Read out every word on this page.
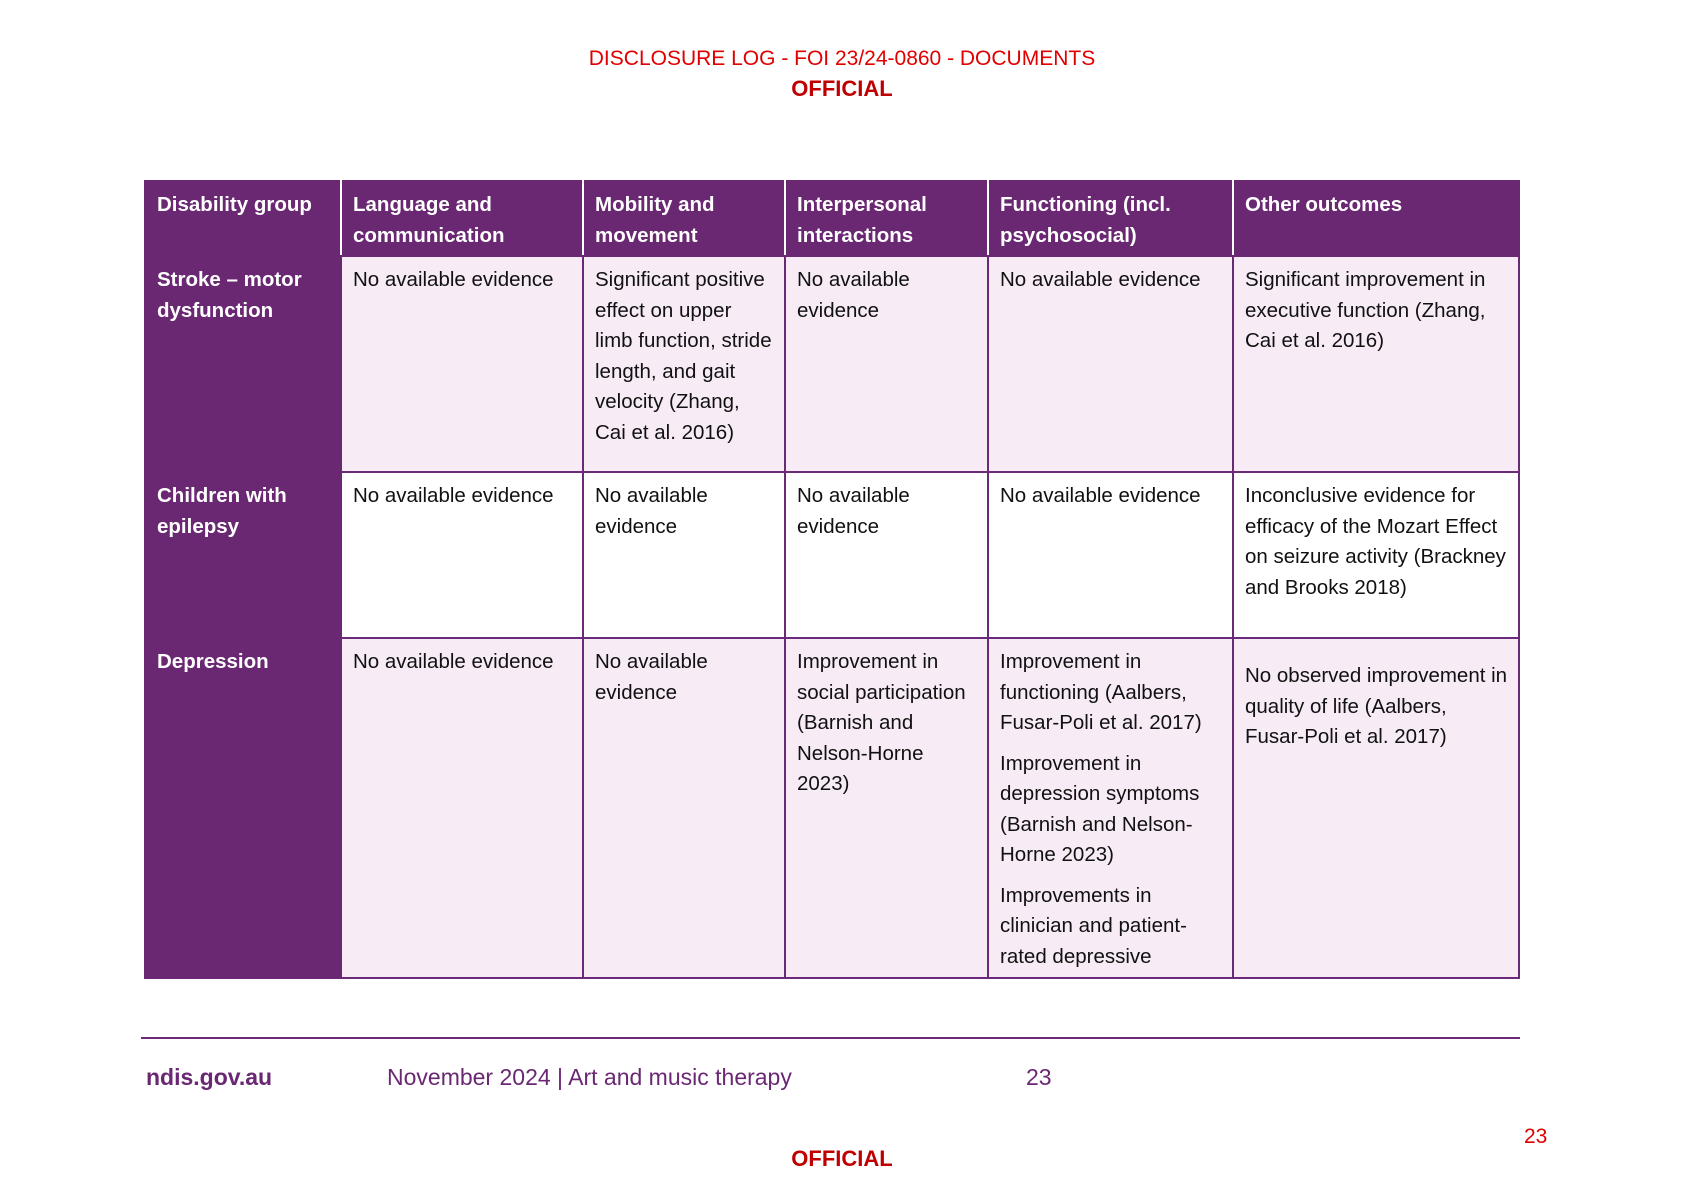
DISCLOSURE LOG - FOI 23/24-0860 - DOCUMENTS
OFFICIAL
Disability group	Language and communication	Mobility and movement	Interpersonal interactions	Functioning (incl. psychosocial)	Other outcomes
Stroke – motor dysfunction	No available evidence	Significant positive effect on upper limb function, stride length, and gait velocity (Zhang, Cai et al. 2016)	No available evidence	No available evidence	Significant improvement in executive function (Zhang, Cai et al. 2016)

Children with epilepsy	No available evidence	No available evidence	No available evidence	No available evidence	Inconclusive evidence for efficacy of the Mozart Effect on seizure activity (Brackney and Brooks 2018)

Depression	No available evidence	No available evidence	Improvement in social participation (Barnish and Nelson-Horne 2023)	Improvement in functioning (Aalbers, Fusar-Poli et al. 2017)
Improvement in depression symptoms (Barnish and Nelson-Horne 2023)
Improvements in clinician and patient-rated depressive	No observed improvement in quality of life (Aalbers, Fusar-Poli et al. 2017)
ndis.gov.au	November 2024 | Art and music therapy	23
23
OFFICIAL
